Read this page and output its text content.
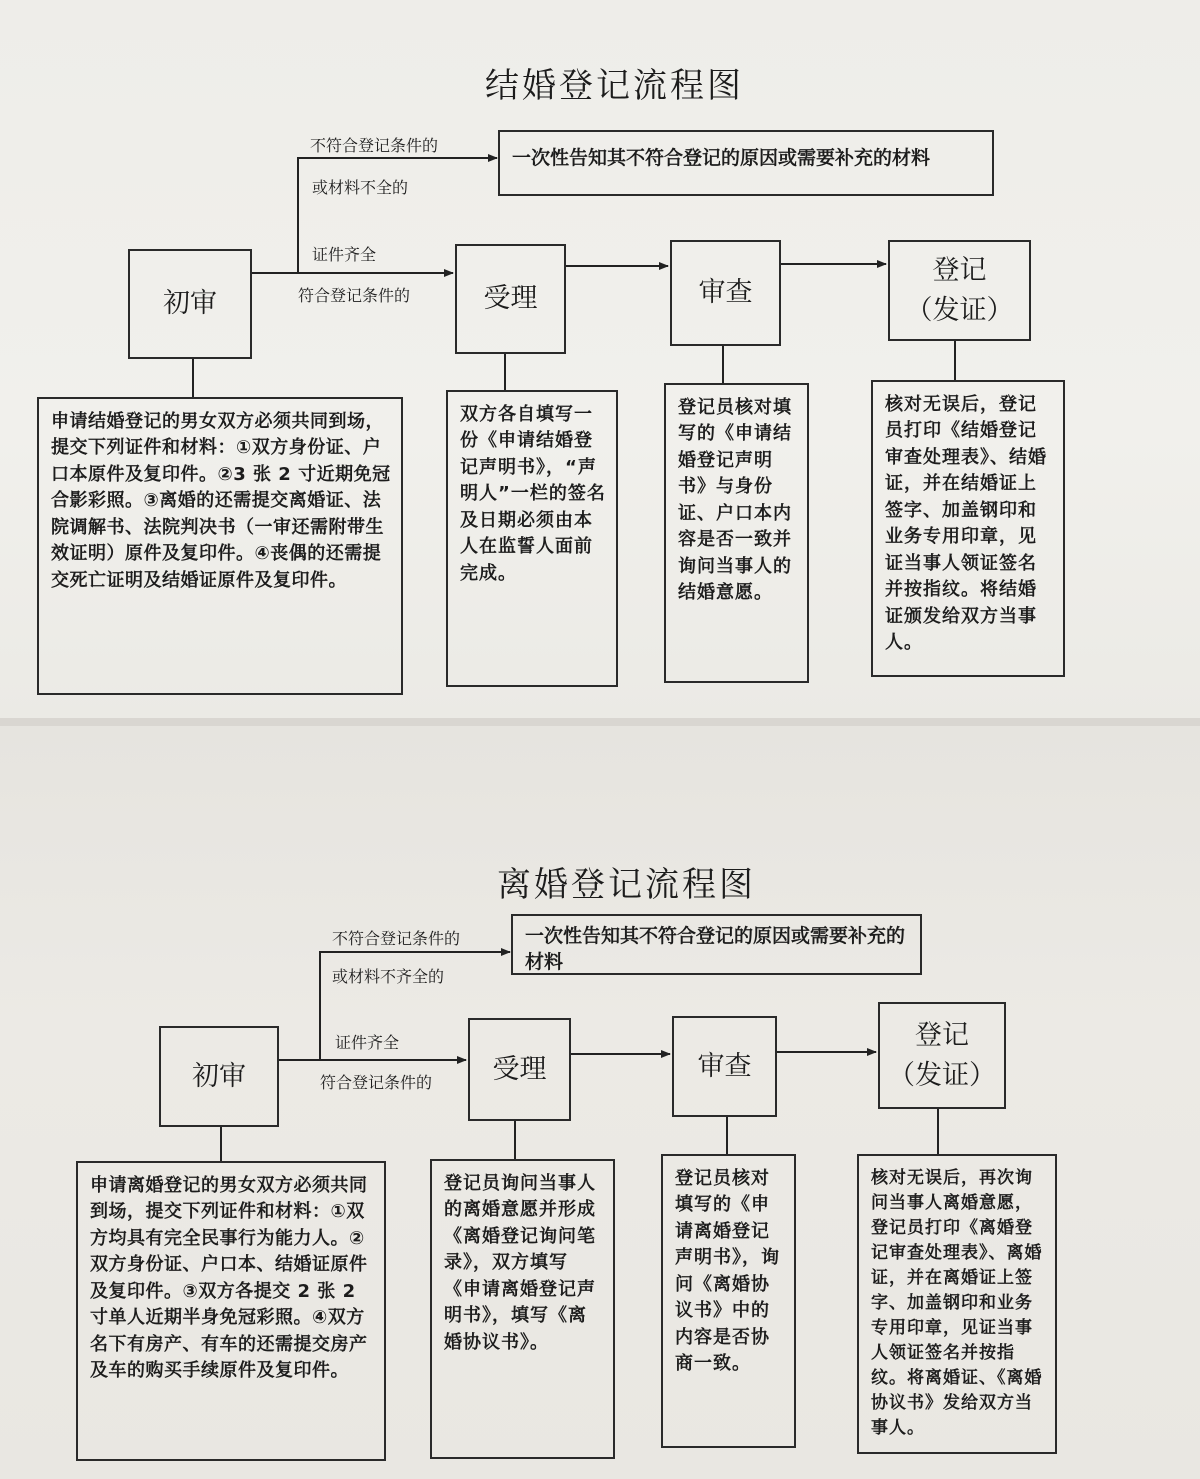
结婚登记流程图
不符合登记条件的
或材料不全的
证件齐全
符合登记条件的
一次性告知其不符合登记的原因或需要补充的材料
初审	受理	审查
登记
（发证）
申请结婚登记的男女双方必须共同到场，提交下列证件和材料：①双方身份证、户口本原件及复印件。②3 张 2 寸近期免冠合影彩照。③离婚的还需提交离婚证、法院调解书、法院判决书（一审还需附带生效证明）原件及复印件。④丧偶的还需提交死亡证明及结婚证原件及复印件。
双方各自填写一份《申请结婚登记声明书》，“声明人”一栏的签名及日期必须由本人在监誓人面前完成。
登记员核对填写的《申请结婚登记声明书》与身份证、户口本内容是否一致并询问当事人的结婚意愿。
核对无误后，登记员打印《结婚登记审查处理表》、结婚证，并在结婚证上签字、加盖钢印和业务专用印章，见证当事人领证签名并按指纹。将结婚证颁发给双方当事人。
离婚登记流程图
不符合登记条件的
或材料不齐全的
证件齐全
符合登记条件的
一次性告知其不符合登记的原因或需要补充的材料
初审	受理	审查
登记
（发证）
申请离婚登记的男女双方必须共同到场，提交下列证件和材料：①双方均具有完全民事行为能力人。②双方身份证、户口本、结婚证原件及复印件。③双方各提交 2 张 2 寸单人近期半身免冠彩照。④双方名下有房产、有车的还需提交房产及车的购买手续原件及复印件。
登记员询问当事人的离婚意愿并形成《离婚登记询问笔录》，双方填写《申请离婚登记声明书》，填写《离婚协议书》。
登记员核对填写的《申请离婚登记声明书》，询问《离婚协议书》中的内容是否协商一致。
核对无误后，再次询问当事人离婚意愿，登记员打印《离婚登记审查处理表》、离婚证，并在离婚证上签字、加盖钢印和业务专用印章，见证当事人领证签名并按指纹。将离婚证、《离婚协议书》发给双方当事人。
